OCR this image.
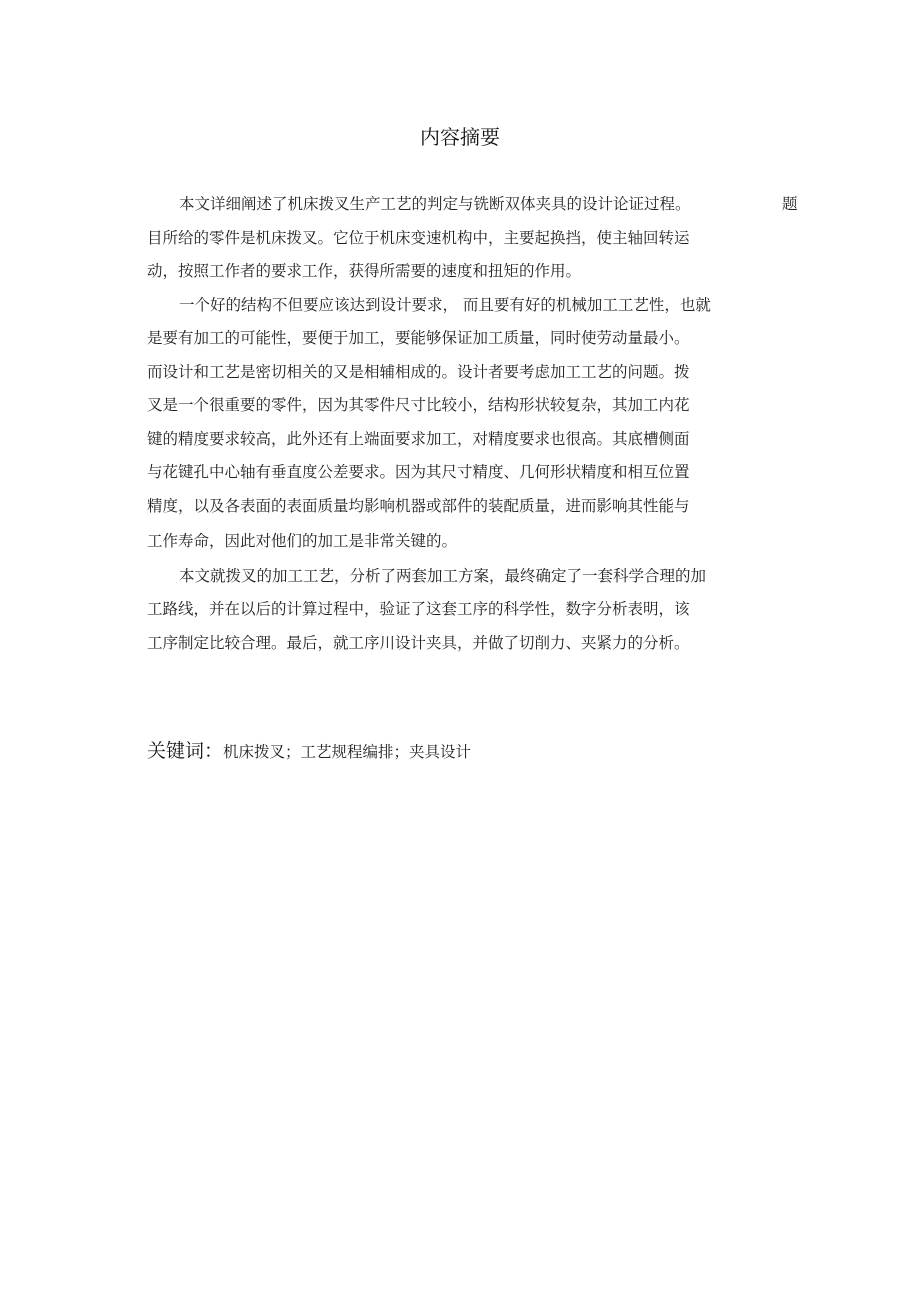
内容摘要
本文详细阐述了机床拨叉生产工艺的判定与铣断双体夹具的设计论证过程。	题
目所给的零件是机床拨叉。它位于机床变速机构中，主要起换挡，使主轴回转运
动，按照工作者的要求工作，获得所需要的速度和扭矩的作用。
一个好的结构不但要应该达到设计要求， 而且要有好的机械加工工艺性，也就
是要有加工的可能性，要便于加工，要能够保证加工质量，同时使劳动量最小。
而设计和工艺是密切相关的又是相辅相成的。设计者要考虑加工工艺的问题。拨
叉是一个很重要的零件，因为其零件尺寸比较小，结构形状较复杂，其加工内花
键的精度要求较高，此外还有上端面要求加工，对精度要求也很高。其底槽侧面
与花键孔中心轴有垂直度公差要求。因为其尺寸精度、几何形状精度和相互位置
精度，以及各表面的表面质量均影响机器或部件的装配质量，进而影响其性能与
工作寿命，因此对他们的加工是非常关键的。
本文就拨叉的加工工艺，分析了两套加工方案，最终确定了一套科学合理的加
工路线，并在以后的计算过程中，验证了这套工序的科学性，数字分析表明，该
工序制定比较合理。最后，就工序川设计夹具，并做了切削力、夹紧力的分析。
关键词：机床拨叉；工艺规程编排；夹具设计
